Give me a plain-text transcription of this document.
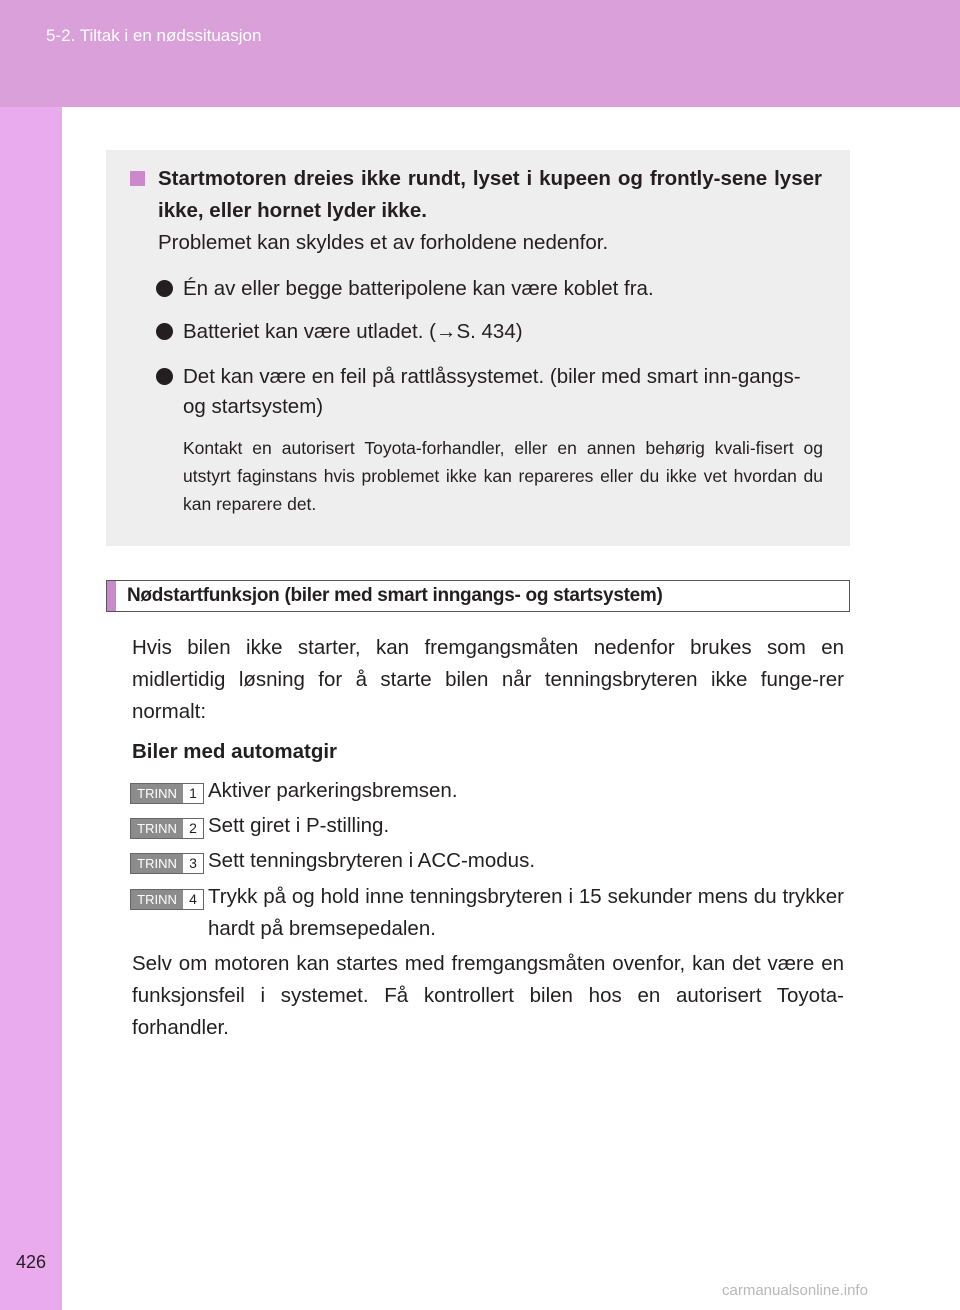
5-2. Tiltak i en nødssituasjon
426
Startmotoren dreies ikke rundt, lyset i kupeen og frontly-sene lyser ikke, eller hornet lyder ikke.
Problemet kan skyldes et av forholdene nedenfor.
Én av eller begge batteripolene kan være koblet fra.
Batteriet kan være utladet. (→S. 434)
Det kan være en feil på rattlåssystemet. (biler med smart inn-gangs- og startsystem)
Kontakt en autorisert Toyota-forhandler, eller en annen behørig kvali-fisert og utstyrt faginstans hvis problemet ikke kan repareres eller du ikke vet hvordan du kan reparere det.
Nødstartfunksjon (biler med smart inngangs- og startsystem)
Hvis bilen ikke starter, kan fremgangsmåten nedenfor brukes som en midlertidig løsning for å starte bilen når tenningsbryteren ikke funge-rer normalt:
Biler med automatgir
TRINN 1 Aktiver parkeringsbremsen.
TRINN 2 Sett giret i P-stilling.
TRINN 3 Sett tenningsbryteren i ACC-modus.
TRINN 4 Trykk på og hold inne tenningsbryteren i 15 sekunder mens du trykker hardt på bremsepedalen.
Selv om motoren kan startes med fremgangsmåten ovenfor, kan det være en funksjonsfeil i systemet. Få kontrollert bilen hos en autorisert Toyota-forhandler.
carmanualsonline.info
